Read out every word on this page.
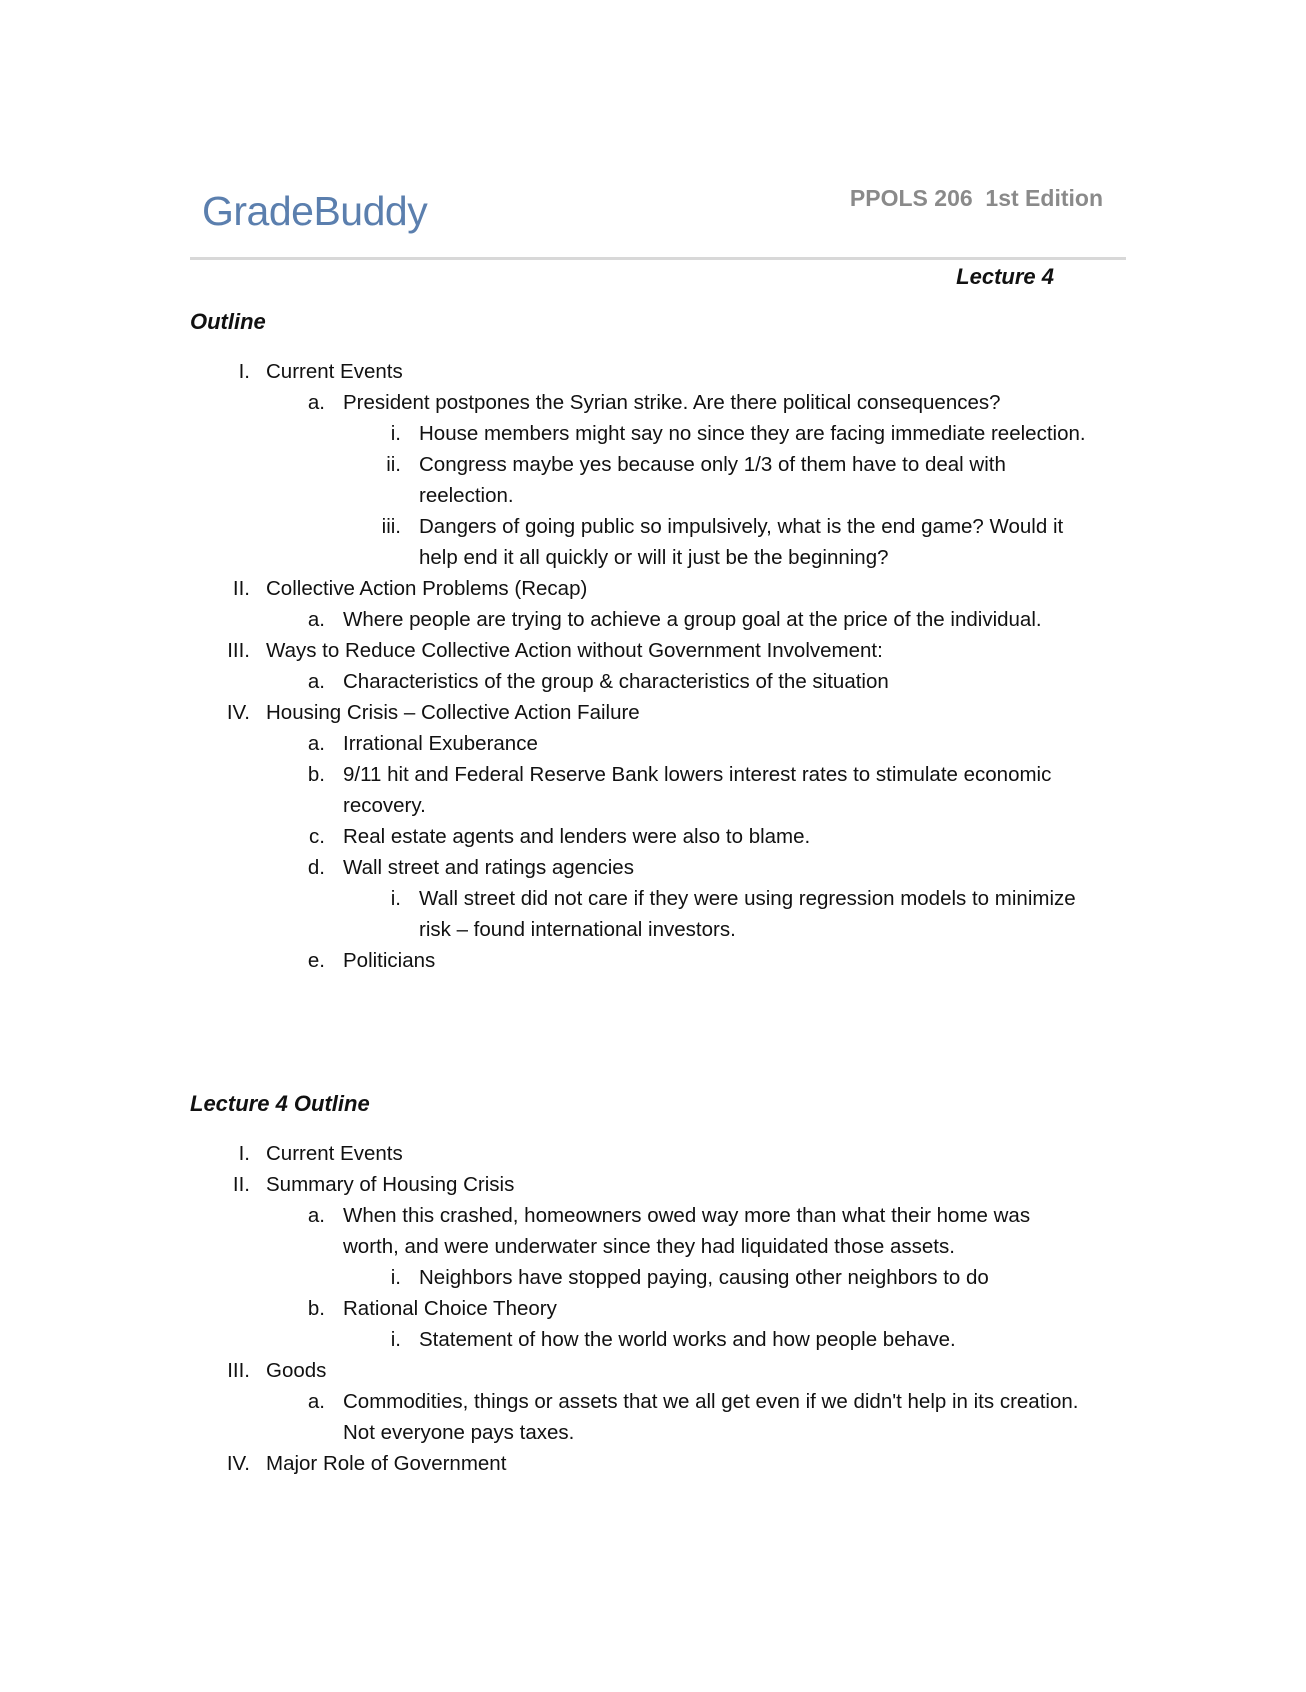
GradeBuddy	PPOLS 206  1st Edition
Lecture 4
Outline
I. Current Events
a. President postpones the Syrian strike. Are there political consequences?
i. House members might say no since they are facing immediate reelection.
ii. Congress maybe yes because only 1/3 of them have to deal with reelection.
iii. Dangers of going public so impulsively, what is the end game? Would it help end it all quickly or will it just be the beginning?
II. Collective Action Problems (Recap)
a. Where people are trying to achieve a group goal at the price of the individual.
III. Ways to Reduce Collective Action without Government Involvement:
a. Characteristics of the group & characteristics of the situation
IV. Housing Crisis – Collective Action Failure
a. Irrational Exuberance
b. 9/11 hit and Federal Reserve Bank lowers interest rates to stimulate economic recovery.
c. Real estate agents and lenders were also to blame.
d. Wall street and ratings agencies
i. Wall street did not care if they were using regression models to minimize risk – found international investors.
e. Politicians
Lecture 4 Outline
I. Current Events
II. Summary of Housing Crisis
a. When this crashed, homeowners owed way more than what their home was worth, and were underwater since they had liquidated those assets.
i. Neighbors have stopped paying, causing other neighbors to do
b. Rational Choice Theory
i. Statement of how the world works and how people behave.
III. Goods
a. Commodities, things or assets that we all get even if we didn't help in its creation. Not everyone pays taxes.
IV. Major Role of Government
